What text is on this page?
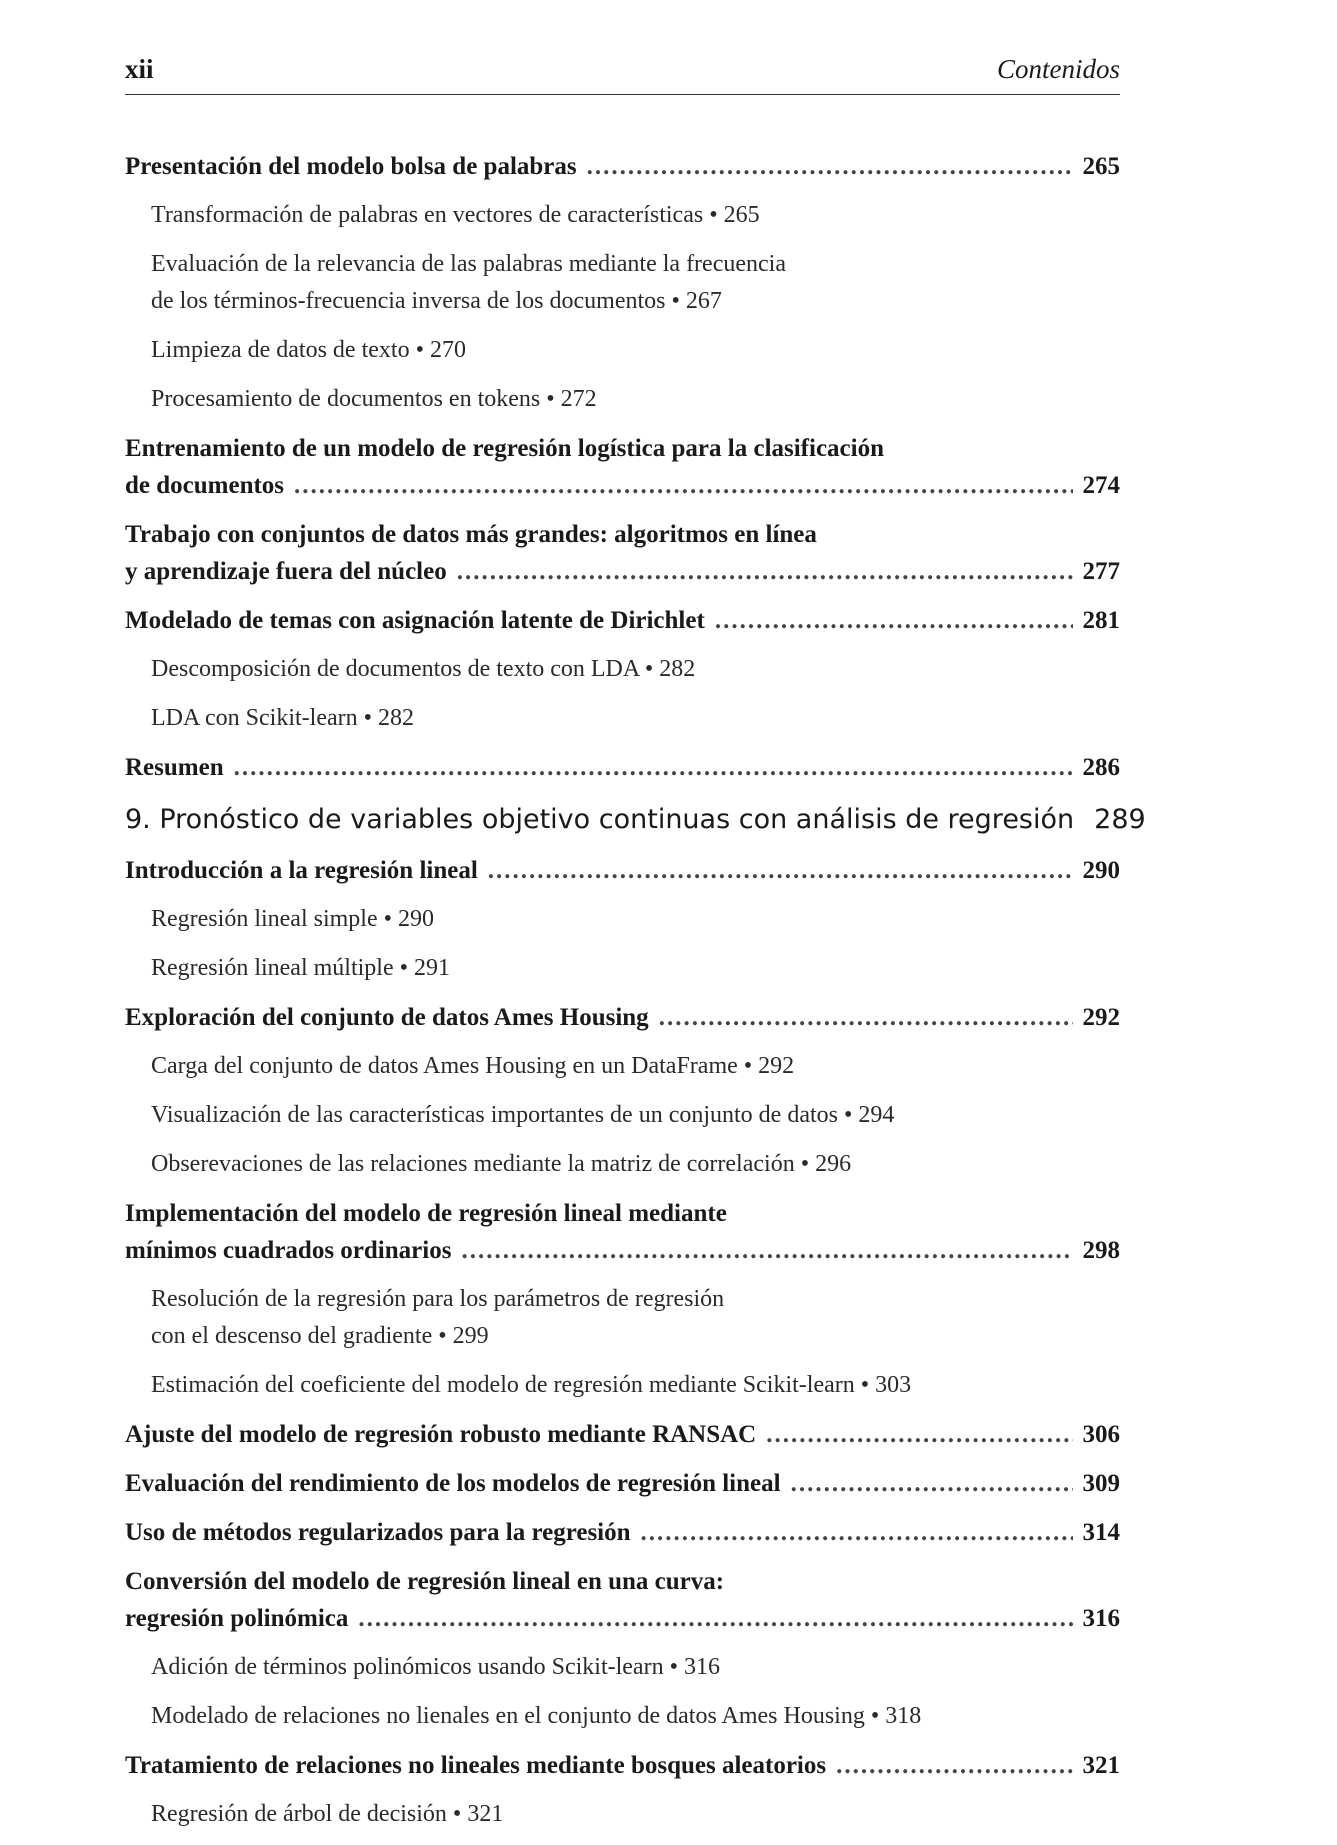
xii	Contenidos
Presentación del modelo bolsa de palabras .....	265
Transformación de palabras en vectores de características • 265
Evaluación de la relevancia de las palabras mediante la frecuencia
de los términos-frecuencia inversa de los documentos • 267
Limpieza de datos de texto • 270
Procesamiento de documentos en tokens • 272
Entrenamiento de un modelo de regresión logística para la clasificación
de documentos .....	274
Trabajo con conjuntos de datos más grandes: algoritmos en línea
y aprendizaje fuera del núcleo .....	277
Modelado de temas con asignación latente de Dirichlet .....	281
Descomposición de documentos de texto con LDA • 282
LDA con Scikit-learn • 282
Resumen .....	286
9. Pronóstico de variables objetivo continuas con análisis de regresión 289
Introducción a la regresión lineal .....	290
Regresión lineal simple • 290
Regresión lineal múltiple • 291
Exploración del conjunto de datos Ames Housing .....	292
Carga del conjunto de datos Ames Housing en un DataFrame • 292
Visualización de las características importantes de un conjunto de datos • 294
Obserevaciones de las relaciones mediante la matriz de correlación • 296
Implementación del modelo de regresión lineal mediante
mínimos cuadrados ordinarios .....	298
Resolución de la regresión para los parámetros de regresión
con el descenso del gradiente • 299
Estimación del coeficiente del modelo de regresión mediante Scikit-learn • 303
Ajuste del modelo de regresión robusto mediante RANSAC .....	306
Evaluación del rendimiento de los modelos de regresión lineal .....	309
Uso de métodos regularizados para la regresión .....	314
Conversión del modelo de regresión lineal en una curva:
regresión polinómica .....	316
Adición de términos polinómicos usando Scikit-learn • 316
Modelado de relaciones no lienales en el conjunto de datos Ames Housing • 318
Tratamiento de relaciones no lineales mediante bosques aleatorios .....	321
Regresión de árbol de decisión • 321
